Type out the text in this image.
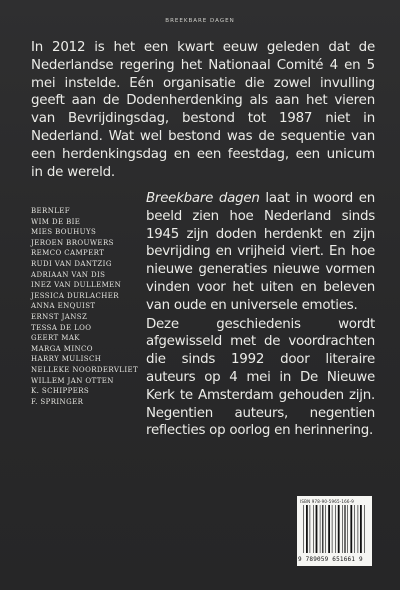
BREEKBARE DAGEN
In 2012 is het een kwart eeuw geleden dat de Nederlandse regering het Nationaal Comité 4 en 5 mei instelde. Eén organisatie die zowel invulling geeft aan de Dodenherdenking als aan het vieren van Bevrijdingsdag, bestond tot 1987 niet in Nederland. Wat wel bestond was de sequentie van een herdenkingsdag en een feestdag, een unicum in de wereld.
BERNLEF
WIM DE BIE
MIES BOUHUYS
JEROEN BROUWERS
REMCO CAMPERT
RUDI VAN DANTZIG
ADRIAAN VAN DIS
INEZ VAN DULLEMEN
JESSICA DURLACHER
ANNA ENQUIST
ERNST JANSZ
TESSA DE LOO
GEERT MAK
MARGA MINCO
HARRY MULISCH
NELLEKE NOORDERVLIET
WILLEM JAN OTTEN
K. SCHIPPERS
F. SPRINGER

Breekbare dagen laat in woord en beeld zien hoe Nederland sinds 1945 zijn doden herdenkt en zijn bevrijding en vrijheid viert. En hoe nieuwe generaties nieuwe vormen vinden voor het uiten en beleven van oude en universele emoties.

Deze geschiedenis wordt afgewisseld met de voordrachten die sinds 1992 door literaire auteurs op 4 mei in De Nieuwe Kerk te Amsterdam gehouden zijn. Negentien auteurs, negentien reflecties op oorlog en herinnering.

ISBN 978-90-5965-166-9
9 789059 651661 9
